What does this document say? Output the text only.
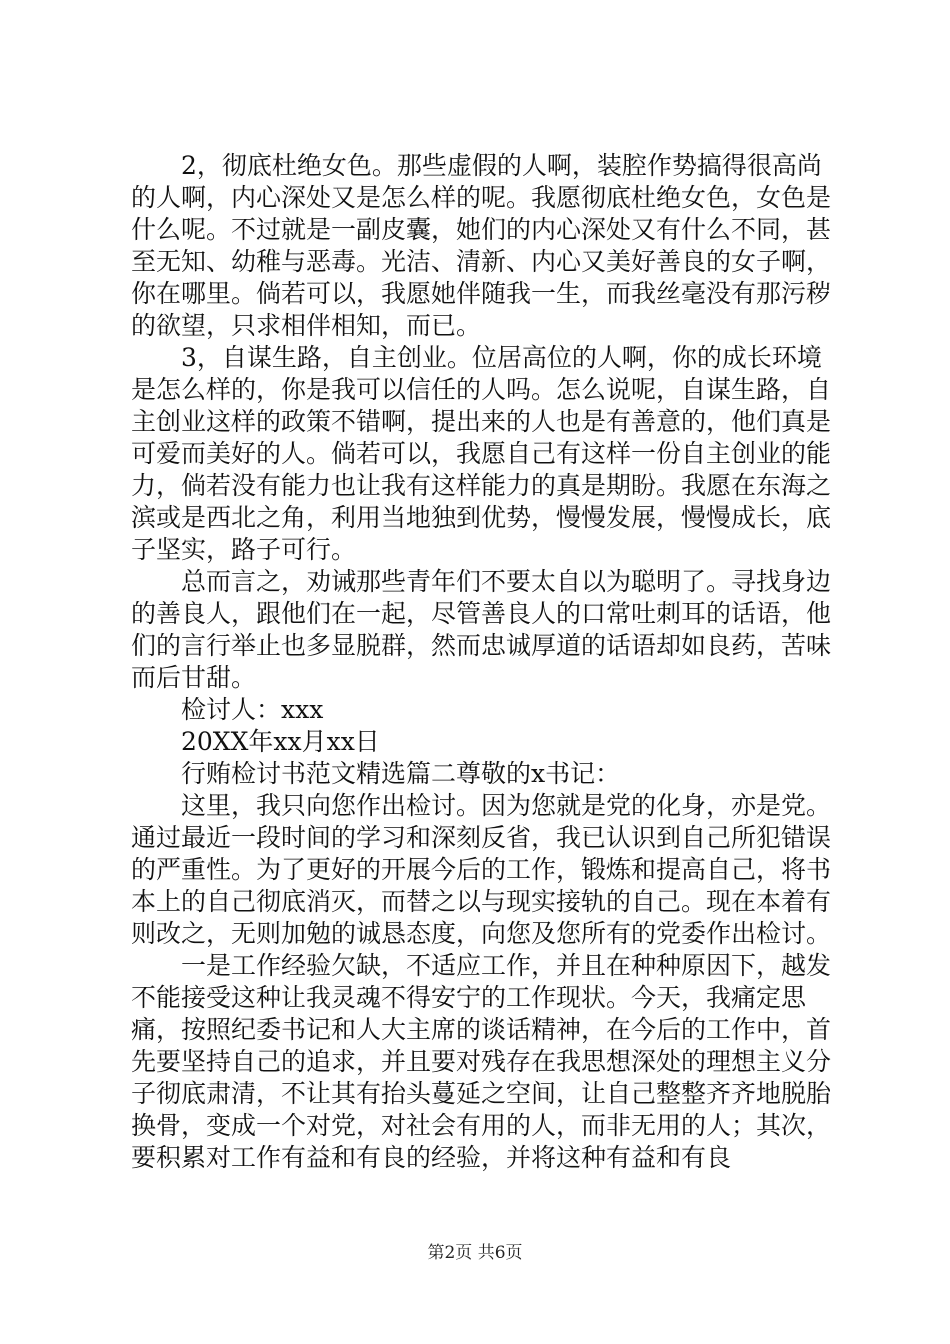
2，彻底杜绝女色。那些虚假的人啊，装腔作势搞得很高尚的人啊，内心深处又是怎么样的呢。我愿彻底杜绝女色，女色是什么呢。不过就是一副皮囊，她们的内心深处又有什么不同，甚至无知、幼稚与恶毒。光洁、清新、内心又美好善良的女子啊，你在哪里。倘若可以，我愿她伴随我一生，而我丝毫没有那污秽的欲望，只求相伴相知，而已。

3，自谋生路，自主创业。位居高位的人啊，你的成长环境是怎么样的，你是我可以信任的人吗。怎么说呢，自谋生路，自主创业这样的政策不错啊，提出来的人也是有善意的，他们真是可爱而美好的人。倘若可以，我愿自己有这样一份自主创业的能力，倘若没有能力也让我有这样能力的真是期盼。我愿在东海之滨或是西北之角，利用当地独到优势，慢慢发展，慢慢成长，底子坚实，路子可行。

总而言之，劝诫那些青年们不要太自以为聪明了。寻找身边的善良人，跟他们在一起，尽管善良人的口常吐刺耳的话语，他们的言行举止也多显脱群，然而忠诚厚道的话语却如良药，苦味而后甘甜。

检讨人：xxx

20XX年xx月xx日

行贿检讨书范文精选篇二尊敬的x书记：

这里，我只向您作出检讨。因为您就是党的化身，亦是党。通过最近一段时间的学习和深刻反省，我已认识到自己所犯错误的严重性。为了更好的开展今后的工作，锻炼和提高自己，将书本上的自己彻底消灭，而替之以与现实接轨的自己。现在本着有则改之，无则加勉的诚恳态度，向您及您所有的党委作出检讨。

一是工作经验欠缺，不适应工作，并且在种种原因下，越发不能接受这种让我灵魂不得安宁的工作现状。今天，我痛定思痛，按照纪委书记和人大主席的谈话精神，在今后的工作中，首先要坚持自己的追求，并且要对残存在我思想深处的理想主义分子彻底肃清，不让其有抬头蔓延之空间，让自己整整齐齐地脱胎换骨，变成一个对党，对社会有用的人，而非无用的人；其次，要积累对工作有益和有良的经验，并将这种有益和有良

第2页 共6页
